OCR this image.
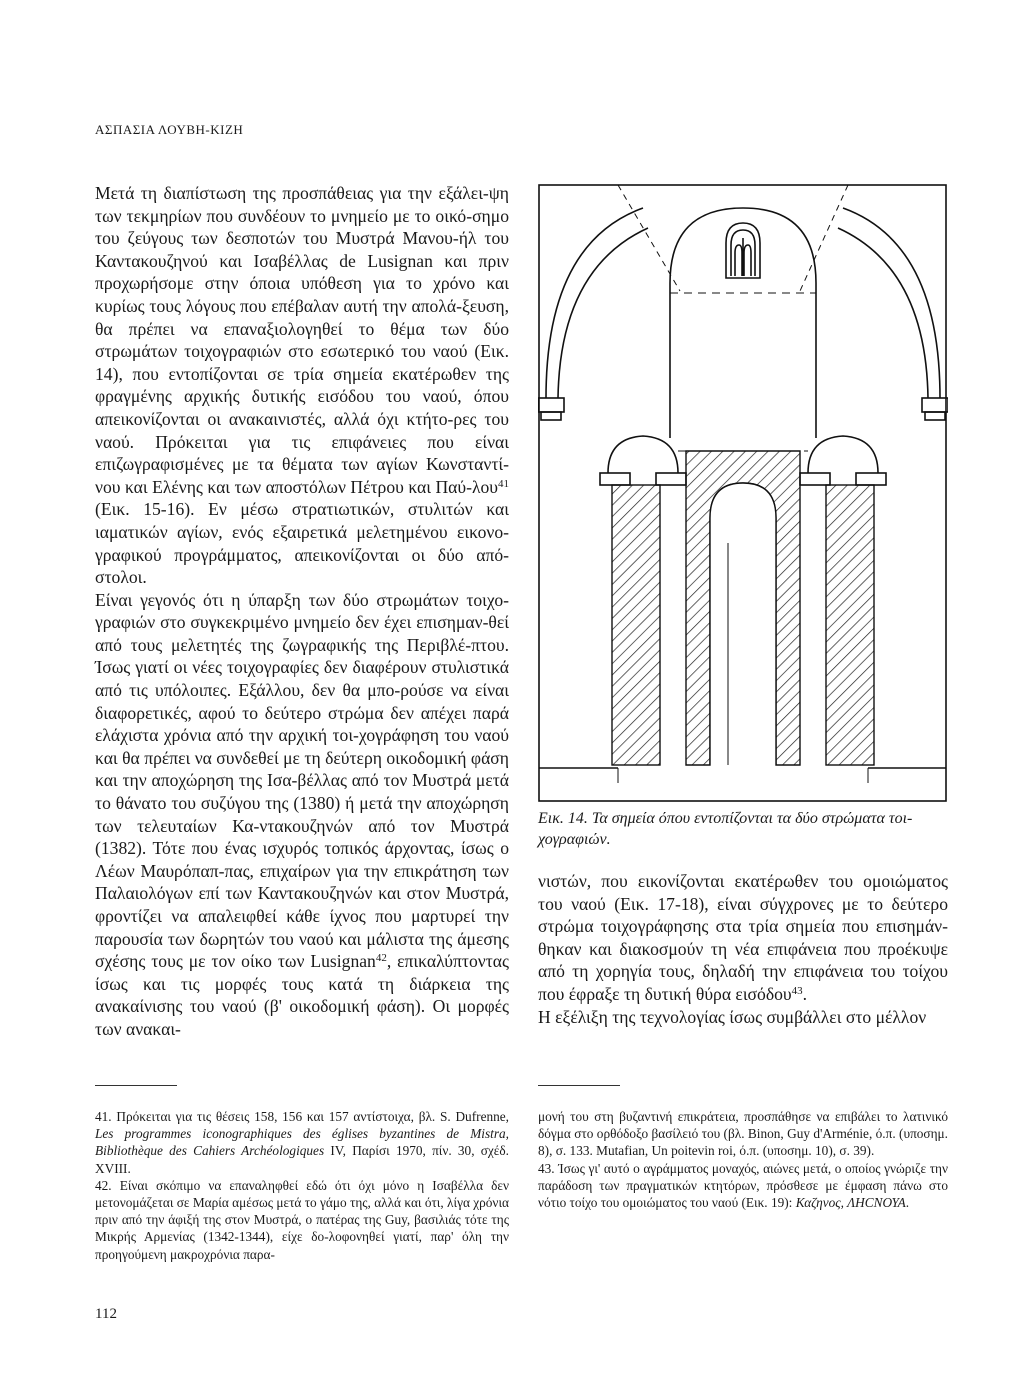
ΑΣΠΑΣΙΑ ΛΟΥΒΗ-ΚΙΖΗ

Μετά τη διαπίστωση της προσπάθειας για την εξάλει-ψη των τεκμηρίων που συνδέουν το μνημείο με το οικό-σημο του ζεύγους των δεσποτών του Μυστρά Μανου-ήλ του Καντακουζηνού και Ισαβέλλας de Lusignan και πριν προχωρήσομε στην όποια υπόθεση για το χρόνο και κυρίως τους λόγους που επέβαλαν αυτή την απολά-ξευση, θα πρέπει να επαναξιολογηθεί το θέμα των δύο στρωμάτων τοιχογραφιών στο εσωτερικό του ναού (Εικ. 14), που εντοπίζονται σε τρία σημεία εκατέρωθεν της φραγμένης αρχικής δυτικής εισόδου του ναού, όπου απεικονίζονται οι ανακαινιστές, αλλά όχι κτήτο-ρες του ναού. Πρόκειται για τις επιφάνειες που είναι επιζωγραφισμένες με τα θέματα των αγίων Κωνσταντί-νου και Ελένης και των αποστόλων Πέτρου και Παύ-λου$^{41}$ (Εικ. 15-16). Εν μέσω στρατιωτικών, στυλιτών και ιαματικών αγίων, ενός εξαιρετικά μελετημένου εικονο-γραφικού προγράμματος, απεικονίζονται οι δύο από-στολοι.

Είναι γεγονός ότι η ύπαρξη των δύο στρωμάτων τοιχο-γραφιών στο συγκεκριμένο μνημείο δεν έχει επισημαν-θεί από τους μελετητές της ζωγραφικής της Περιβλέ-πτου. Ίσως γιατί οι νέες τοιχογραφίες δεν διαφέρουν στυλιστικά από τις υπόλοιπες. Εξάλλου, δεν θα μπο-ρούσε να είναι διαφορετικές, αφού το δεύτερο στρώμα δεν απέχει παρά ελάχιστα χρόνια από την αρχική τοι-χογράφηση του ναού και θα πρέπει να συνδεθεί με τη δεύτερη οικοδομική φάση και την αποχώρηση της Ισα-βέλλας από τον Μυστρά μετά το θάνατο του συζύγου της (1380) ή μετά την αποχώρηση των τελευταίων Κα-ντακουζηνών από τον Μυστρά (1382). Τότε που ένας ισχυρός τοπικός άρχοντας, ίσως ο Λέων Μαυρόπαπ-πας, επιχαίρων για την επικράτηση των Παλαιολόγων επί των Καντακουζηνών και στον Μυστρά, φροντίζει να απαλειφθεί κάθε ίχνος που μαρτυρεί την παρουσία των δωρητών του ναού και μάλιστα της άμεσης σχέσης τους με τον οίκο των Lusignan$^{42}$, επικαλύπτοντας ίσως και τις μορφές τους κατά τη διάρκεια της ανακαίνισης του ναού (β' οικοδομική φάση). Οι μορφές των ανακαι-

Εικ. 14. Τα σημεία όπου εντοπίζονται τα δύο στρώματα τοι-χογραφιών.

νιστών, που εικονίζονται εκατέρωθεν του ομοιώματος του ναού (Εικ. 17-18), είναι σύγχρονες με το δεύτερο στρώμα τοιχογράφησης στα τρία σημεία που επισημάν-θηκαν και διακοσμούν τη νέα επιφάνεια που προέκυψε από τη χορηγία τους, δηλαδή την επιφάνεια του τοίχου που έφραξε τη δυτική θύρα εισόδου$^{43}$.

Η εξέλιξη της τεχνολογίας ίσως συμβάλλει στο μέλλον

41. Πρόκειται για τις θέσεις 158, 156 και 157 αντίστοιχα, βλ. S. Dufrenne, Les programmes iconographiques des églises byzantines de Mistra, Bibliothèque des Cahiers Archéologiques IV, Παρίσι 1970, πίν. 30, σχέδ. XVIII.

42. Είναι σκόπιμο να επαναληφθεί εδώ ότι όχι μόνο η Ισαβέλλα δεν μετονομάζεται σε Μαρία αμέσως μετά το γάμο της, αλλά και ότι, λίγα χρόνια πριν από την άφιξή της στον Μυστρά, ο πατέρας της Guy, βασιλιάς τότε της Μικρής Αρμενίας (1342-1344), είχε δο-λοφονηθεί γιατί, παρ' όλη την προηγούμενη μακροχρόνια παρα-

μονή του στη βυζαντινή επικράτεια, προσπάθησε να επιβάλει το λατινικό δόγμα στο ορθόδοξο βασίλειό του (βλ. Binon, Guy d'Arménie, ό.π. (υποσημ. 8), σ. 133. Mutafian, Un poitevin roi, ό.π. (υποσημ. 10), σ. 39).

43. Ίσως γι' αυτό ο αγράμματος μοναχός, αιώνες μετά, ο οποίος γνώριζε την παράδοση των πραγματικών κτητόρων, πρόσθεσε με έμφαση πάνω στο νότιο τοίχο του ομοιώματος του ναού (Εικ. 19): Καζηνος, ΛΗCΝΟΥΑ.

112
